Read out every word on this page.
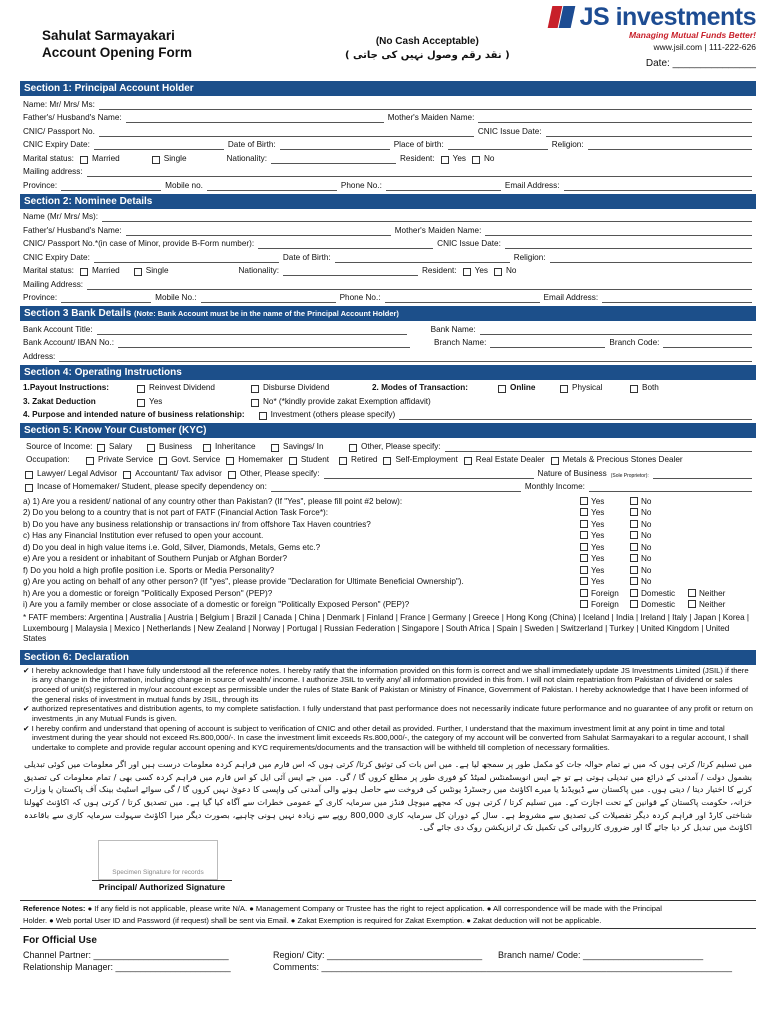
Sahulat Sarmayakari
Account Opening Form
(No Cash Acceptable)
( نقد رقم وصول نہیں کی جاتی )
JS investments
Managing Mutual Funds Better!
www.jsil.com | 111-222-626
Date: _______________
Section 1: Principal Account Holder
Name: Mr/ Mrs/ Ms:
Father's/ Husband's Name:	Mother's Maiden Name:
CNIC/ Passport No.	CNIC Issue Date:
CNIC Expiry Date:	Date of Birth:	Place of birth:	Religion:
Marital status: Married	Single	Nationality:	Resident: Yes No
Mailing address:
Province:	Mobile no.	Phone No.:	Email Address:
Section 2: Nominee Details
Name (Mr/ Mrs/ Ms):
Father's/ Husband's Name:	Mother's Maiden Name:
CNIC/ Passport No.*(in case of Minor, provide B-Form number):	CNIC Issue Date:
CNIC Expiry Date:	Date of Birth:	Religion:
Marital status: Married	Single	Nationality:	Resident: Yes No
Mailing Address:
Province:	Mobile No.:	Phone No.:	Email Address:
Section 3 Bank Details (Note: Bank Account must be in the name of the Principal Account Holder)
Bank Account Title:	Bank Name:
Bank Account/ IBAN No.:	Branch Name:	Branch Code:
Address:
Section 4: Operating Instructions
1.Payout Instructions:	Reinvest Dividend	Disburse Dividend	2. Modes of Transaction:	Online	Physical	Both
3. Zakat Deduction	Yes	No* (*kindly provide zakat Exemption affidavit)
4. Purpose and intended nature of business relationship:	Investment (others please specify)
Section 5: Know Your Customer (KYC)
Source of Income: Salary	Business	Inheritance	Savings/ In	Other, Please specify:
Occupation:	Private Service Govt. Service Homemaker Student	Retired Self-Employment Real Estate Dealer Metals & Precious Stones Dealer
Lawyer/ Legal Advisor Accountant/ Tax advisor Other, Please specify:	Nature of Business (Sole Proprietor):
Incase of Homemaker/ Student, please specify dependency on:	Monthly Income:
a) 1) Are you a resident/ national of any country other than Pakistan? (If "Yes", please fill point #2 below):	Yes	No
2) Do you belong to a country that is not part of FATF (Financial Action Task Force*):	Yes	No
b) Do you have any business relationship or transactions in/ from offshore Tax Haven countries?	Yes	No
c) Has any Financial Institution ever refused to open your account.	Yes	No
d) Do you deal in high value items i.e. Gold, Silver, Diamonds, Metals, Gems etc.?	Yes	No
e) Are you a resident or inhabitant of Southern Punjab or Afghan Border?	Yes	No
f) Do you hold a high profile position i.e. Sports or Media Personality?	Yes	No
g) Are you acting on behalf of any other person? (If "yes", please provide "Declaration for Ultimate Beneficial Ownership").	Yes	No
h) Are you a domestic or foreign "Politically Exposed Person" (PEP)?	Foreign	Domestic	Neither
i) Are you a family member or close associate of a domestic or foreign "Politically Exposed Person" (PEP)?	Foreign	Domestic	Neither
* FATF members: Argentina | Australia | Austria | Belgium | Brazil | Canada | China | Denmark | Finland | France | Germany | Greece | Hong Kong (China) | Iceland | India | Ireland | Italy | Japan | Korea | Luxembourg | Malaysia | Mexico | Netherlands | New Zealand | Norway | Portugal | Russian Federation | Singapore | South Africa | Spain | Sweden | Switzerland | Turkey | United Kingdom | United States
Section 6: Declaration

✔ I hereby acknowledge that I have fully understood all the reference notes. I hereby ratify that the information provided on this form is correct and we shall immediately update JS Investments Limited (JSIL) if there is any change in the information, including change in source of wealth/ income. I authorize JSIL to verify any/ all information provided in this from. I will not claim repatriation from Pakistan of dividend or sales proceed of unit(s) registered in my/our account except as permissible under the rules of State Bank of Pakistan or Ministry of Finance, Government of Pakistan. I hereby acknowledge that I have been informed of the general risks of investment in mutual funds by JSIL, through its

✔ authorized representatives and distribution agents, to my complete satisfaction. I fully understand that past performance does not necessarily indicate future performance and no guarantee of any profit or return on investments ,in any Mutual Funds is given.

✔ I hereby confirm and understand that opening of account is subject to verification of CNIC and other detail as provided. Further, I understand that the maximum investment limit at any point in time and total investment during the year should not exceed Rs.800,000/-. In case the investment limit exceeds Rs.800,000/-, the category of my account will be converted from Sahulat Sarmayakari to a regular account, I shall undertake to complete and provide regular account opening and KYC requirements/documents and the transaction will be withheld till completion of necessary formalities.

میں تسلیم کرتا/ کرتی ہوں کہ میں نے تمام حوالہ جات کو مکمل طور پر سمجھ لیا ہے۔ میں اس بات کی توثیق کرتا/ کرتی ہوں کہ اس فارم میں فراہم کردہ معلومات درست ہیں اور اگر معلومات میں کوئی تبدیلی بشمول دولت / آمدنی کے ذرائع میں تبدیلی ہوتی ہے تو جے ایس انویسٹمنٹس لمیٹڈ کو فوری طور پر مطلع کروں گا / گی۔ میں جے ایس آئی ایل کو اس فارم میں فراہم کردہ کسی بھی / تمام معلومات کی تصدیق کرنے کا اختیار دیتا / دیتی ہوں۔ میں پاکستان سے ڈیویڈنڈ یا میرے اکاؤنٹ میں رجسٹرڈ یونٹس کی فروخت سے حاصل ہونے والی آمدنی کی واپسی کا دعویٰ نہیں کروں گا / گی سوائے اسٹیٹ بینک آف پاکستان یا وزارت خزانہ، حکومت پاکستان کے قوانین کے تحت اجازت کے۔ میں تسلیم کرتا / کرتی ہوں کہ مجھے میوچل فنڈز میں سرمایہ کاری کے عمومی خطرات سے آگاہ کیا گیا ہے۔ میں تصدیق کرتا / کرتی ہوں کہ اکاؤنٹ کھولنا شناختی کارڈ اور فراہم کردہ دیگر تفصیلات کی تصدیق سے مشروط ہے۔ سال کے دوران کل سرمایہ کاری 800,000 روپے سے زیادہ نہیں ہونی چاہیے، بصورت دیگر میرا اکاؤنٹ سہولت سرمایہ کاری سے باقاعدہ اکاؤنٹ میں تبدیل کر دیا جائے گا اور ضروری کارروائی کی تکمیل تک ٹرانزیکشن روک دی جائے گی۔
Specimen Signature for records
Principal/ Authorized Signature
Reference Notes: ● If any field is not applicable, please write N/A. ● Management Company or Trustee has the right to reject application. ● All correspondence will be made with the Principal
Holder. ● Web portal User ID and Password (if request) shall be sent via Email. ● Zakat Exemption is required for Zakat Exemption. ● Zakat deduction will not be applicable.
For Official Use
Channel Partner: ___________________________	Region/ City: _______________________________	Branch name/ Code: ________________________
Relationship Manager: _______________________	Comments: __________________________________________________________________________________
